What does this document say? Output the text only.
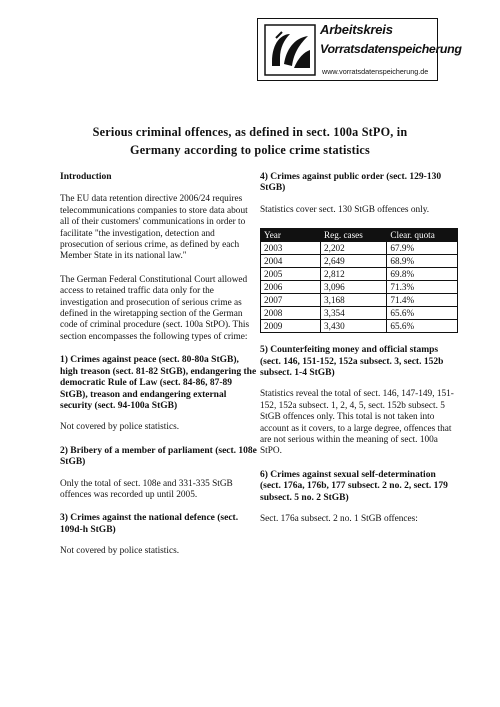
Arbeitskreis
Vorratsdatenspeicherung
www.vorratsdatenspeicherung.de
Serious criminal offences, as defined in sect. 100a StPO, in
Germany according to police crime statistics
Introduction

The EU data retention directive 2006/24 requires telecommunications companies to store data about all of their customers' communications in order to facilitate "the investigation, detection and prosecution of serious crime, as defined by each Member State in its national law."

The German Federal Constitutional Court allowed access to retained traffic data only for the investigation and prosecution of serious crime as defined in the wiretapping section of the German code of criminal procedure (sect. 100a StPO). This section encompasses the following types of crime:

1) Crimes against peace (sect. 80-80a StGB), high treason (sect. 81-82 StGB), endangering the democratic Rule of Law (sect. 84-86, 87-89 StGB), treason and endangering external security (sect. 94-100a StGB)

Not covered by police statistics.

2) Bribery of a member of parliament (sect. 108e StGB)

Only the total of sect. 108e and 331-335 StGB offences was recorded up until 2005.

3) Crimes against the national defence (sect. 109d-h StGB)

Not covered by police statistics.

4) Crimes against public order (sect. 129-130 StGB)

Statistics cover sect. 130 StGB offences only.

Year	Reg. cases	Clear. quota
2003	2,202	67.9%
2004	2,649	68.9%
2005	2,812	69.8%
2006	3,096	71.3%
2007	3,168	71.4%
2008	3,354	65.6%
2009	3,430	65.6%
5) Counterfeiting money and official stamps (sect. 146, 151-152, 152a subsect. 3, sect. 152b subsect. 1-4 StGB)

Statistics reveal the total of sect. 146, 147-149, 151-152, 152a subsect. 1, 2, 4, 5, sect. 152b subsect. 5 StGB offences only. This total is not taken into account as it covers, to a large degree, offences that are not serious within the meaning of sect. 100a StPO.

6) Crimes against sexual self-determination (sect. 176a, 176b, 177 subsect. 2 no. 2, sect. 179 subsect. 5 no. 2 StGB)

Sect. 176a subsect. 2 no. 1 StGB offences:
